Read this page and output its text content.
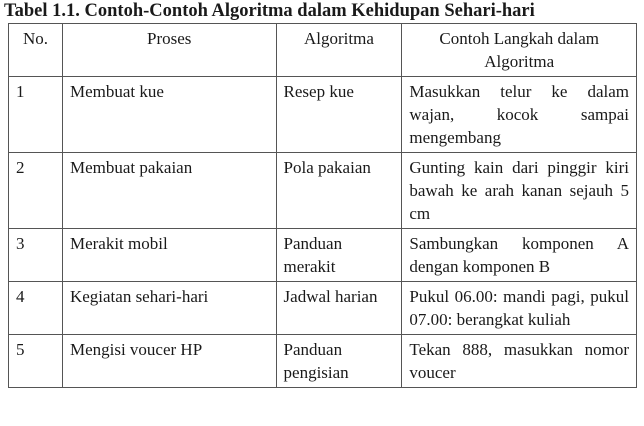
Tabel 1.1. Contoh-Contoh Algoritma dalam Kehidupan Sehari-hari
No.	Proses	Algoritma	Contoh Langkah dalam Algoritma
1	Membuat kue	Resep kue	Masukkan telur ke dalam wajan, kocok sampai mengembang
2	Membuat pakaian	Pola pakaian	Gunting kain dari pinggir kiri bawah ke arah kanan sejauh 5 cm
3	Merakit mobil	Panduan merakit	Sambungkan komponen A dengan komponen B
4	Kegiatan sehari-hari	Jadwal harian	Pukul 06.00: mandi pagi, pukul 07.00: berangkat kuliah
5	Mengisi voucer HP	Panduan pengisian	Tekan 888, masukkan nomor voucer
